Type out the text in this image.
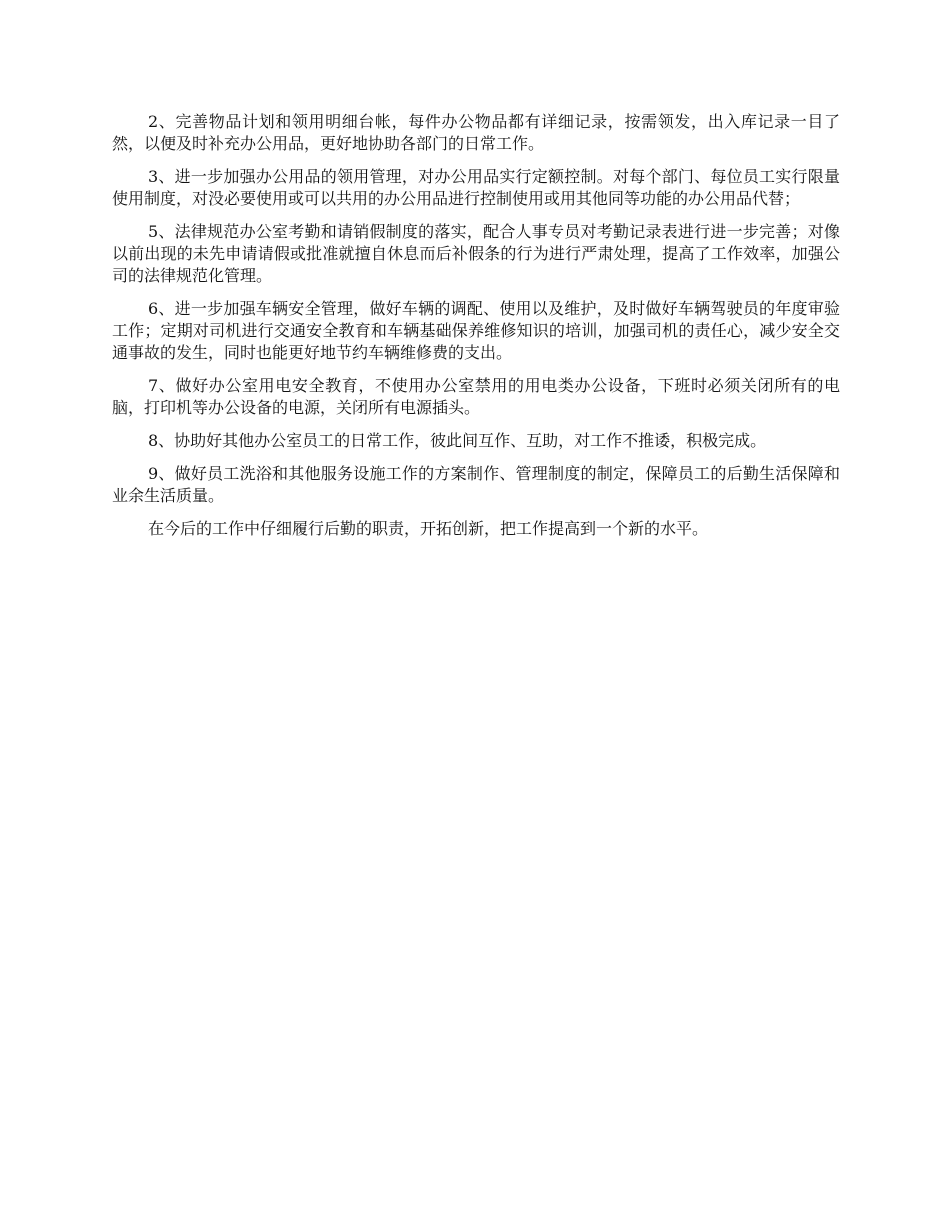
2、完善物品计划和领用明细台帐，每件办公物品都有详细记录，按需领发，出入库记录一目了然，以便及时补充办公用品，更好地协助各部门的日常工作。

3、进一步加强办公用品的领用管理，对办公用品实行定额控制。对每个部门、每位员工实行限量使用制度，对没必要使用或可以共用的办公用品进行控制使用或用其他同等功能的办公用品代替；

5、法律规范办公室考勤和请销假制度的落实，配合人事专员对考勤记录表进行进一步完善；对像以前出现的未先申请请假或批准就擅自休息而后补假条的行为进行严肃处理，提高了工作效率，加强公司的法律规范化管理。

6、进一步加强车辆安全管理，做好车辆的调配、使用以及维护，及时做好车辆驾驶员的年度审验工作；定期对司机进行交通安全教育和车辆基础保养维修知识的培训，加强司机的责任心，减少安全交通事故的发生，同时也能更好地节约车辆维修费的支出。

7、做好办公室用电安全教育，不使用办公室禁用的用电类办公设备，下班时必须关闭所有的电脑，打印机等办公设备的电源，关闭所有电源插头。

8、协助好其他办公室员工的日常工作，彼此间互作、互助，对工作不推诿，积极完成。

9、做好员工洗浴和其他服务设施工作的方案制作、管理制度的制定，保障员工的后勤生活保障和业余生活质量。

在今后的工作中仔细履行后勤的职责，开拓创新，把工作提高到一个新的水平。
